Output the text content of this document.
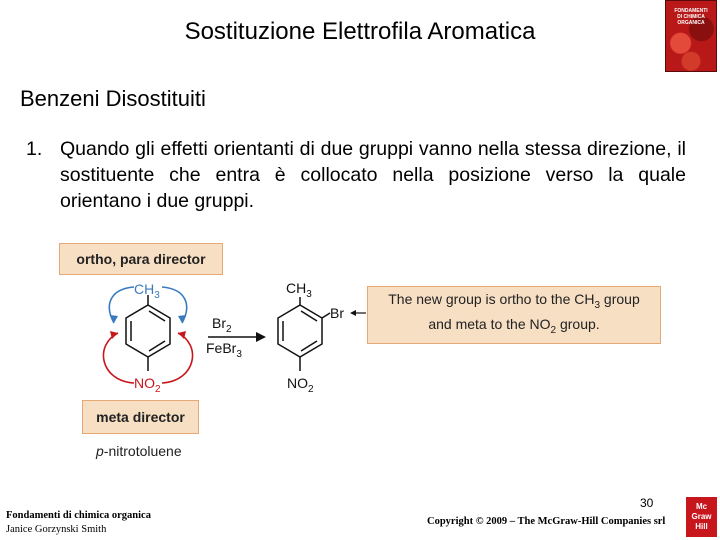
Sostituzione Elettrofila Aromatica
FONDAMENTI
DI CHIMICA
ORGANICA
Benzeni Disostituiti
1. Quando gli effetti orientanti di due gruppi vanno nella stessa direzione, il sostituente che entra è collocato nella posizione verso la quale orientano i due gruppi.
ortho, para director
meta director
$CH_3$
$NO_2$
$Br_2$
FeBr$_3$
$CH_3$
$NO_2$
Br
The new group is ortho to the $CH_3$ group
and meta to the $NO_2$ group.
p-nitrotoluene
Fondamenti di chimica organica
Janice Gorzynski Smith
30
Copyright © 2009 – The McGraw-Hill Companies srl
Mc
Graw
Hill
